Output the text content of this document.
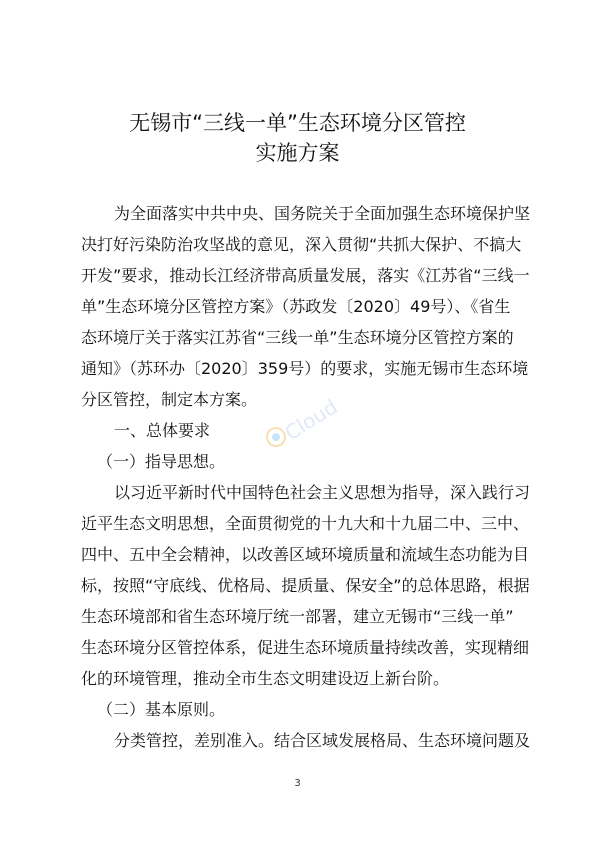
无锡市“三线一单”生态环境分区管控
实施方案
为全面落实中共中央、国务院关于全面加强生态环境保护坚
决打好污染防治攻坚战的意见，深入贯彻“共抓大保护、不搞大
开发”要求，推动长江经济带高质量发展，落实《江苏省“三线一
单”生态环境分区管控方案》（苏政发〔2020〕49号）、《省生
态环境厅关于落实江苏省“三线一单”生态环境分区管控方案的
通知》（苏环办〔2020〕359号）的要求，实施无锡市生态环境
分区管控，制定本方案。
一、总体要求
（一）指导思想。
以习近平新时代中国特色社会主义思想为指导，深入践行习
近平生态文明思想，全面贯彻党的十九大和十九届二中、三中、
四中、五中全会精神，以改善区域环境质量和流域生态功能为目
标，按照“守底线、优格局、提质量、保安全”的总体思路，根据
生态环境部和省生态环境厅统一部署，建立无锡市“三线一单”
生态环境分区管控体系，促进生态环境质量持续改善，实现精细
化的环境管理，推动全市生态文明建设迈上新台阶。
（二）基本原则。
分类管控，差别准入。结合区域发展格局、生态环境问题及
Cloud
3
